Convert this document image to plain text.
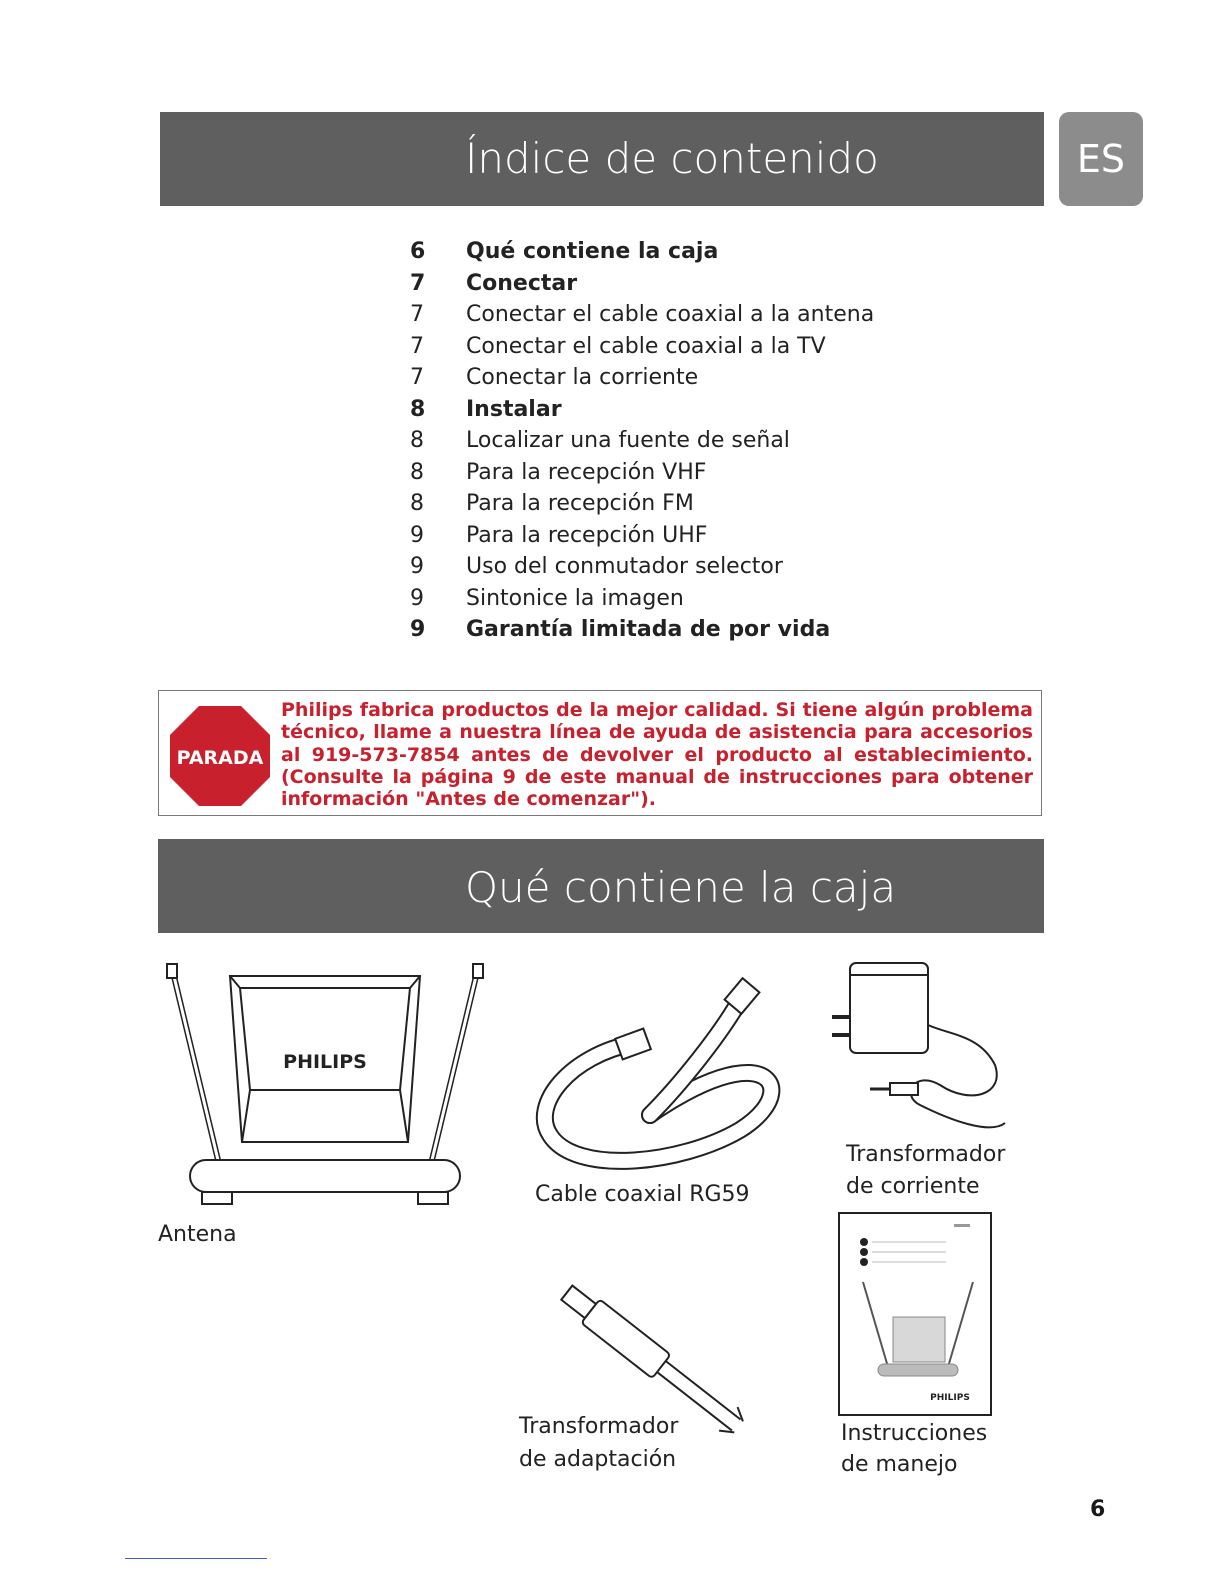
Índice de contenido	ES
6	Qué contiene la caja
7	Conectar
7	Conectar el cable coaxial a la antena
7	Conectar el cable coaxial a la TV
7	Conectar la corriente
8	Instalar
8	Localizar una fuente de señal
8	Para la recepción VHF
8	Para la recepción FM
9	Para la recepción UHF
9	Uso del conmutador selector
9	Sintonice la imagen
9	Garantía limitada de por vida
PARADA
Philips fabrica productos de la mejor calidad. Si tiene algún problema técnico, llame a nuestra línea de ayuda de asistencia para accesorios al 919-573-7854 antes de devolver el producto al establecimiento. (Consulte la página 9 de este manual de instrucciones para obtener información "Antes de comenzar").
Qué contiene la caja
PHILIPS
Antena
Cable coaxial RG59
Transformador
de corriente
Transformador
de adaptación
PHILIPS
Instrucciones
de manejo
6
